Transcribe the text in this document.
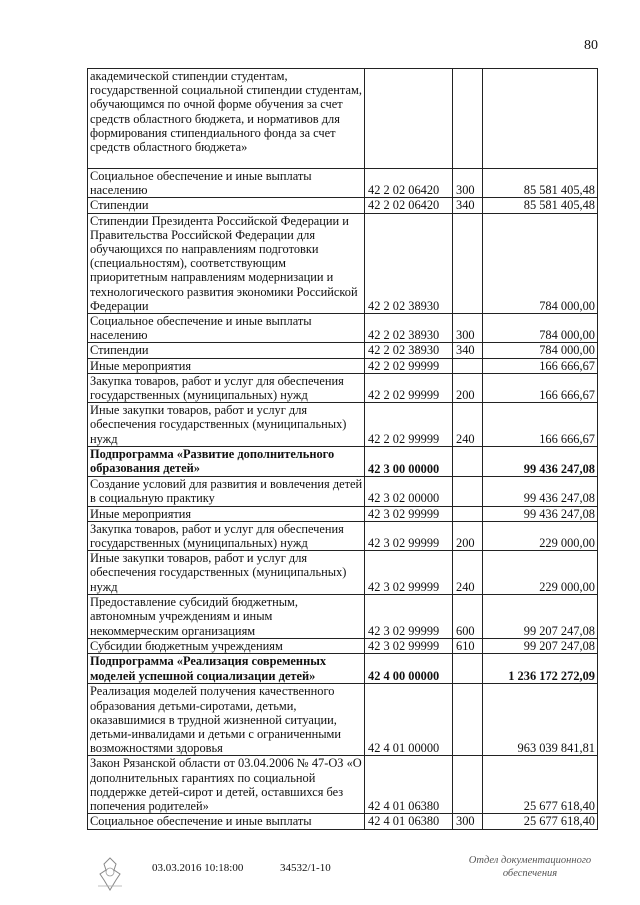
80
академической стипендии студентам, государственной социальной стипендии студентам, обучающимся по очной форме обучения за счет средств областного бюджета, и нормативов для формирования стипендиального фонда за счет средств областного бюджета»			
Социальное обеспечение и иные выплаты населению	42 2 02 06420	300	85 581 405,48
Стипендии	42 2 02 06420	340	85 581 405,48
Стипендии Президента Российской Федерации и Правительства Российской Федерации для обучающихся по направлениям подготовки (специальностям), соответствующим приоритетным направлениям модернизации и технологического развития экономики Российской Федерации	42 2 02 38930		784 000,00
Социальное обеспечение и иные выплаты населению	42 2 02 38930	300	784 000,00
Стипендии	42 2 02 38930	340	784 000,00
Иные мероприятия	42 2 02 99999		166 666,67
Закупка товаров, работ и услуг для обеспечения государственных (муниципальных) нужд	42 2 02 99999	200	166 666,67
Иные закупки товаров, работ и услуг для обеспечения государственных (муниципальных) нужд	42 2 02 99999	240	166 666,67
Подпрограмма «Развитие дополнительного образования детей»	42 3 00 00000		99 436 247,08
Создание условий для развития и вовлечения детей в социальную практику	42 3 02 00000		99 436 247,08
Иные мероприятия	42 3 02 99999		99 436 247,08
Закупка товаров, работ и услуг для обеспечения государственных (муниципальных) нужд	42 3 02 99999	200	229 000,00
Иные закупки товаров, работ и услуг для обеспечения государственных (муниципальных) нужд	42 3 02 99999	240	229 000,00
Предоставление субсидий бюджетным, автономным учреждениям и иным некоммерческим организациям	42 3 02 99999	600	99 207 247,08
Субсидии бюджетным учреждениям	42 3 02 99999	610	99 207 247,08
Подпрограмма «Реализация современных моделей успешной социализации детей»	42 4 00 00000		1 236 172 272,09
Реализация моделей получения качественного образования детьми-сиротами, детьми, оказавшимися в трудной жизненной ситуации, детьми-инвалидами и детьми с ограниченными возможностями здоровья	42 4 01 00000		963 039 841,81
Закон Рязанской области от 03.04.2006 № 47-ОЗ «О дополнительных гарантиях по социальной поддержке детей-сирот и детей, оставшихся без попечения родителей»	42 4 01 06380		25 677 618,40
Социальное обеспечение и иные выплаты	42 4 01 06380	300	25 677 618,40
03.03.2016 10:18:00	34532/1-10
Отдел документационного обеспечения
